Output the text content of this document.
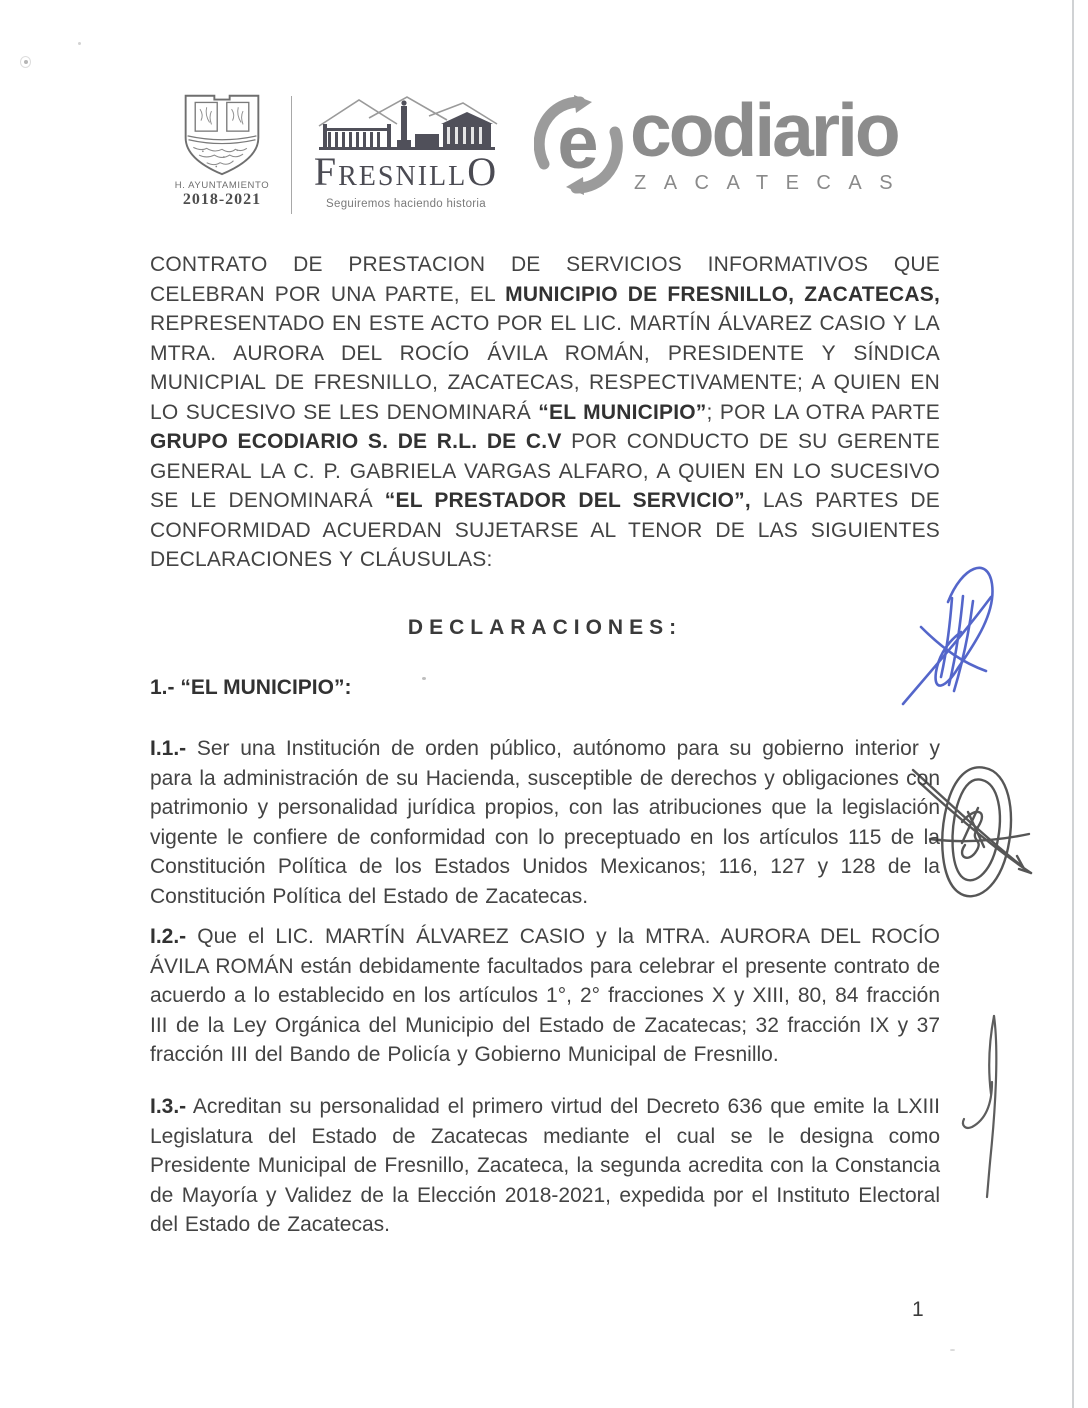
H. AYUNTAMIENTO
2018-2021
FRESNILLO
Seguiremos haciendo historia
e codiario
ZACATECAS
CONTRATO DE PRESTACION DE SERVICIOS INFORMATIVOS QUE CELEBRAN POR UNA PARTE, EL MUNICIPIO DE FRESNILLO, ZACATECAS, REPRESENTADO EN ESTE ACTO POR EL LIC. MARTÍN ÁLVAREZ CASIO Y LA MTRA. AURORA DEL ROCÍO ÁVILA ROMÁN, PRESIDENTE Y SÍNDICA MUNICPIAL DE FRESNILLO, ZACATECAS, RESPECTIVAMENTE; A QUIEN EN LO SUCESIVO SE LES DENOMINARÁ “EL MUNICIPIO”; POR LA OTRA PARTE GRUPO ECODIARIO S. DE R.L. DE C.V POR CONDUCTO DE SU GERENTE GENERAL LA C. P. GABRIELA VARGAS ALFARO, A QUIEN EN LO SUCESIVO SE LE DENOMINARÁ “EL PRESTADOR DEL SERVICIO”, LAS PARTES DE CONFORMIDAD ACUERDAN SUJETARSE AL TENOR DE LAS SIGUIENTES DECLARACIONES Y CLÁUSULAS:
DECLARACIONES:
1.- “EL MUNICIPIO”:
I.1.- Ser una Institución de orden público, autónomo para su gobierno interior y para la administración de su Hacienda, susceptible de derechos y obligaciones con patrimonio y personalidad jurídica propios, con las atribuciones que la legislación vigente le confiere de conformidad con lo preceptuado en los artículos 115 de la Constitución Política de los Estados Unidos Mexicanos; 116, 127 y 128 de la Constitución Política del Estado de Zacatecas.
I.2.- Que el LIC. MARTÍN ÁLVAREZ CASIO y la MTRA. AURORA DEL ROCÍO ÁVILA ROMÁN están debidamente facultados para celebrar el presente contrato de acuerdo a lo establecido en los artículos 1°, 2° fracciones X y XIII, 80, 84 fracción III de la Ley Orgánica del Municipio del Estado de Zacatecas; 32 fracción IX y 37 fracción III del Bando de Policía y Gobierno Municipal de Fresnillo.
I.3.- Acreditan su personalidad el primero virtud del Decreto 636 que emite la LXIII Legislatura del Estado de Zacatecas mediante el cual se le designa como Presidente Municipal de Fresnillo, Zacateca, la segunda acredita con la Constancia de Mayoría y Validez de la Elección 2018-2021, expedida por el Instituto Electoral del Estado de Zacatecas.
1
